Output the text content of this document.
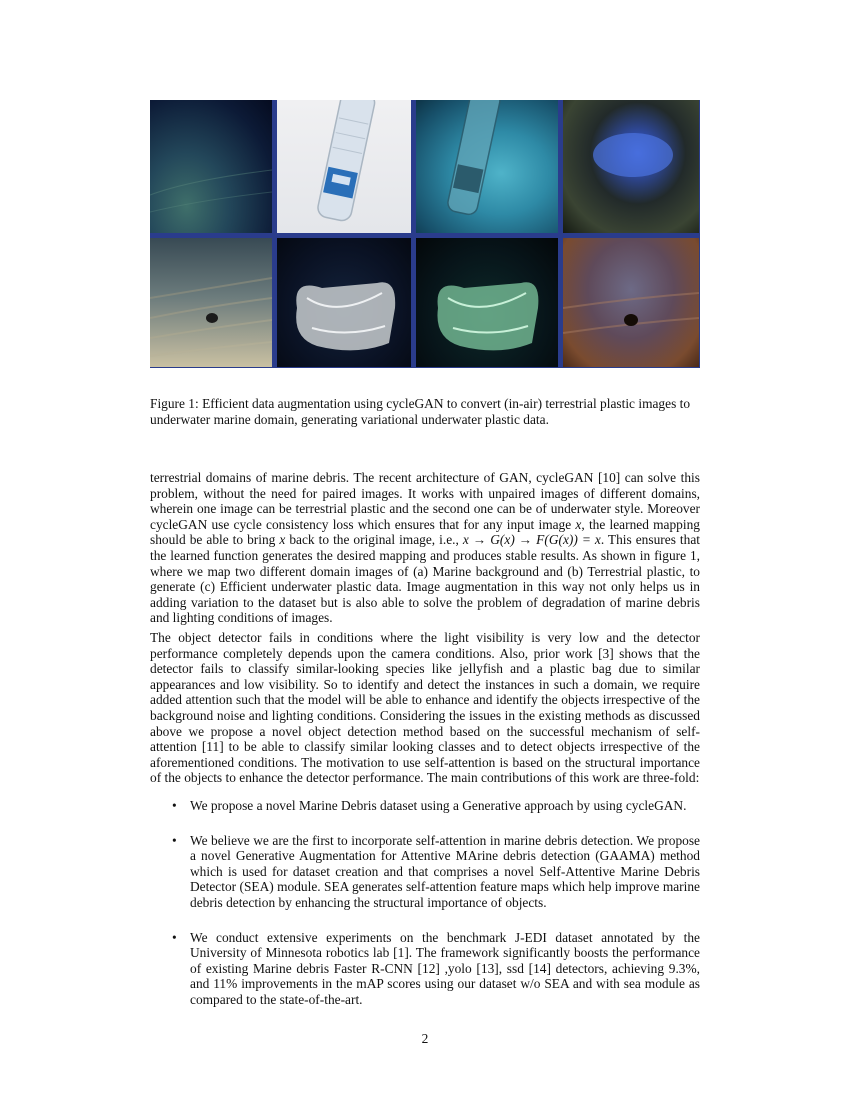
Figure 1: Efficient data augmentation using cycleGAN to convert (in-air) terrestrial plastic images to underwater marine domain, generating variational underwater plastic data.

terrestrial domains of marine debris. The recent architecture of GAN, cycleGAN [10] can solve this problem, without the need for paired images. It works with unpaired images of different domains, wherein one image can be terrestrial plastic and the second one can be of underwater style. Moreover cycleGAN use cycle consistency loss which ensures that for any input image x, the learned mapping should be able to bring x back to the original image, i.e., x → G(x) → F(G(x)) = x. This ensures that the learned function generates the desired mapping and produces stable results. As shown in figure 1, where we map two different domain images of (a) Marine background and (b) Terrestrial plastic, to generate (c) Efficient underwater plastic data. Image augmentation in this way not only helps us in adding variation to the dataset but is also able to solve the problem of degradation of marine debris and lighting conditions of images.

The object detector fails in conditions where the light visibility is very low and the detector performance completely depends upon the camera conditions. Also, prior work [3] shows that the detector fails to classify similar-looking species like jellyfish and a plastic bag due to similar appearances and low visibility. So to identify and detect the instances in such a domain, we require added attention such that the model will be able to enhance and identify the objects irrespective of the background noise and lighting conditions. Considering the issues in the existing methods as discussed above we propose a novel object detection method based on the successful mechanism of self-attention [11] to be able to classify similar looking classes and to detect objects irrespective of the aforementioned conditions. The motivation to use self-attention is based on the structural importance of the objects to enhance the detector performance. The main contributions of this work are three-fold:

• We propose a novel Marine Debris dataset using a Generative approach by using cycleGAN.
• We believe we are the first to incorporate self-attention in marine debris detection. We propose a novel Generative Augmentation for Attentive MArine debris detection (GAAMA) method which is used for dataset creation and that comprises a novel Self-Attentive Marine Debris Detector (SEA) module. SEA generates self-attention feature maps which help improve marine debris detection by enhancing the structural importance of objects.
• We conduct extensive experiments on the benchmark J-EDI dataset annotated by the University of Minnesota robotics lab [1]. The framework significantly boosts the performance of existing Marine debris Faster R-CNN [12] ,yolo [13], ssd [14] detectors, achieving 9.3%, and 11% improvements in the mAP scores using our dataset w/o SEA and with sea module as compared to the state-of-the-art.
2
